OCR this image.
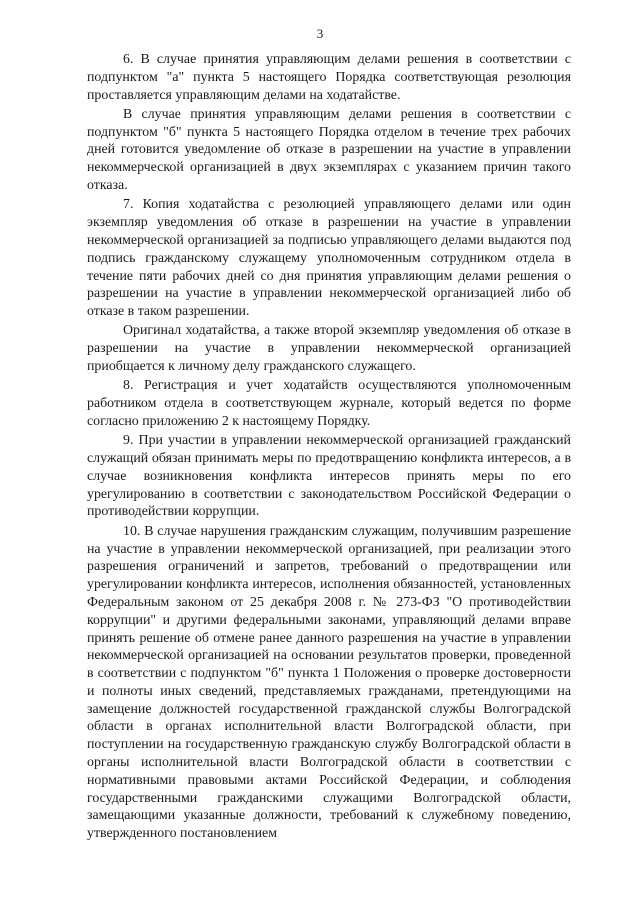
3

6. В случае принятия управляющим делами решения в соответствии с подпунктом "а" пункта 5 настоящего Порядка соответствующая резолюция проставляется управляющим делами на ходатайстве.

В случае принятия управляющим делами решения в соответствии с подпунктом "б" пункта 5 настоящего Порядка отделом в течение трех рабочих дней готовится уведомление об отказе в разрешении на участие в управлении некоммерческой организацией в двух экземплярах с указанием причин такого отказа.

7. Копия ходатайства с резолюцией управляющего делами или один экземпляр уведомления об отказе в разрешении на участие в управлении некоммерческой организацией за подписью управляющего делами выдаются под подпись гражданскому служащему уполномоченным сотрудником отдела в течение пяти рабочих дней со дня принятия управляющим делами решения о разрешении на участие в управлении некоммерческой организацией либо об отказе в таком разрешении.

Оригинал ходатайства, а также второй экземпляр уведомления об отказе в разрешении на участие в управлении некоммерческой организацией приобщается к личному делу гражданского служащего.

8. Регистрация и учет ходатайств осуществляются уполномоченным работником отдела в соответствующем журнале, который ведется по форме согласно приложению 2 к настоящему Порядку.

9. При участии в управлении некоммерческой организацией гражданский служащий обязан принимать меры по предотвращению конфликта интересов, а в случае возникновения конфликта интересов принять меры по его урегулированию в соответствии с законодательством Российской Федерации о противодействии коррупции.

10. В случае нарушения гражданским служащим, получившим разрешение на участие в управлении некоммерческой организацией, при реализации этого разрешения ограничений и запретов, требований о предотвращении или урегулировании конфликта интересов, исполнения обязанностей, установленных Федеральным законом от 25 декабря 2008 г. № 273-ФЗ "О противодействии коррупции" и другими федеральными законами, управляющий делами вправе принять решение об отмене ранее данного разрешения на участие в управлении некоммерческой организацией на основании результатов проверки, проведенной в соответствии с подпунктом "б" пункта 1 Положения о проверке достоверности и полноты иных сведений, представляемых гражданами, претендующими на замещение должностей государственной гражданской службы Волгоградской области в органах исполнительной власти Волгоградской области, при поступлении на государственную гражданскую службу Волгоградской области в органы исполнительной власти Волгоградской области в соответствии с нормативными правовыми актами Российской Федерации, и соблюдения государственными гражданскими служащими Волгоградской области, замещающими указанные должности, требований к служебному поведению, утвержденного постановлением
